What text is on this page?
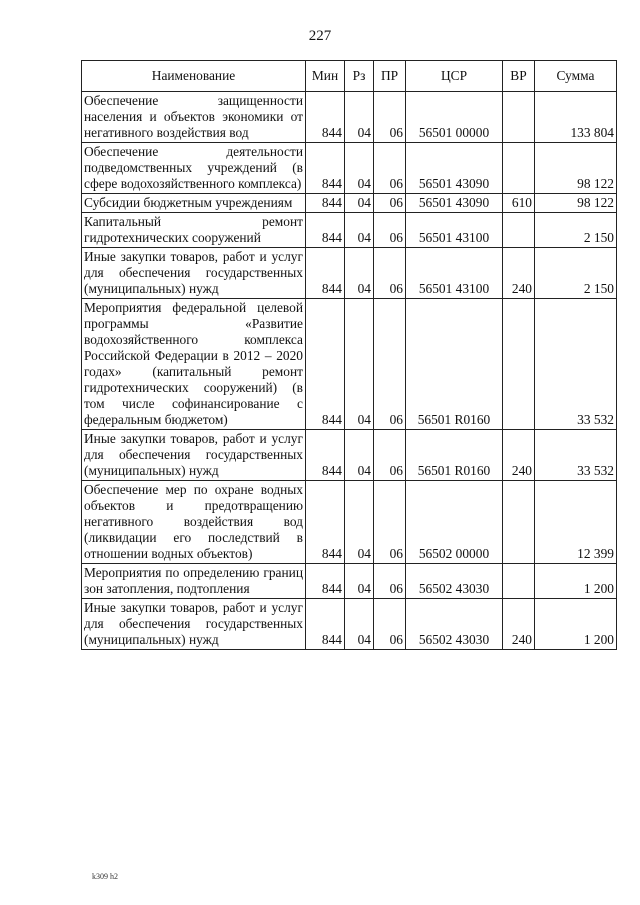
227
Наименование	Мин	Рз	ПР	ЦСР	ВР	Сумма
Обеспечение защищенности населения и объектов экономики от негативного воздействия вод	844	04	06	56501 00000		133 804
Обеспечение деятельности подведомственных учреждений (в сфере водохозяйственного комплекса)	844	04	06	56501 43090		98 122
Субсидии бюджетным учреждениям	844	04	06	56501 43090	610	98 122
Капитальный ремонт гидротехнических сооружений	844	04	06	56501 43100		2 150
Иные закупки товаров, работ и услуг для обеспечения государственных (муниципальных) нужд	844	04	06	56501 43100	240	2 150
Мероприятия федеральной целевой программы «Развитие водохозяйственного комплекса Российской Федерации в 2012 – 2020 годах» (капитальный ремонт гидротехнических сооружений) (в том числе софинансирование с федеральным бюджетом)	844	04	06	56501 R0160		33 532
Иные закупки товаров, работ и услуг для обеспечения государственных (муниципальных) нужд	844	04	06	56501 R0160	240	33 532
Обеспечение мер по охране водных объектов и предотвращению негативного воздействия вод (ликвидации его последствий в отношении водных объектов)	844	04	06	56502 00000		12 399
Мероприятия по определению границ зон затопления, подтопления	844	04	06	56502 43030		1 200
Иные закупки товаров, работ и услуг для обеспечения государственных (муниципальных) нужд	844	04	06	56502 43030	240	1 200
k309 h2
